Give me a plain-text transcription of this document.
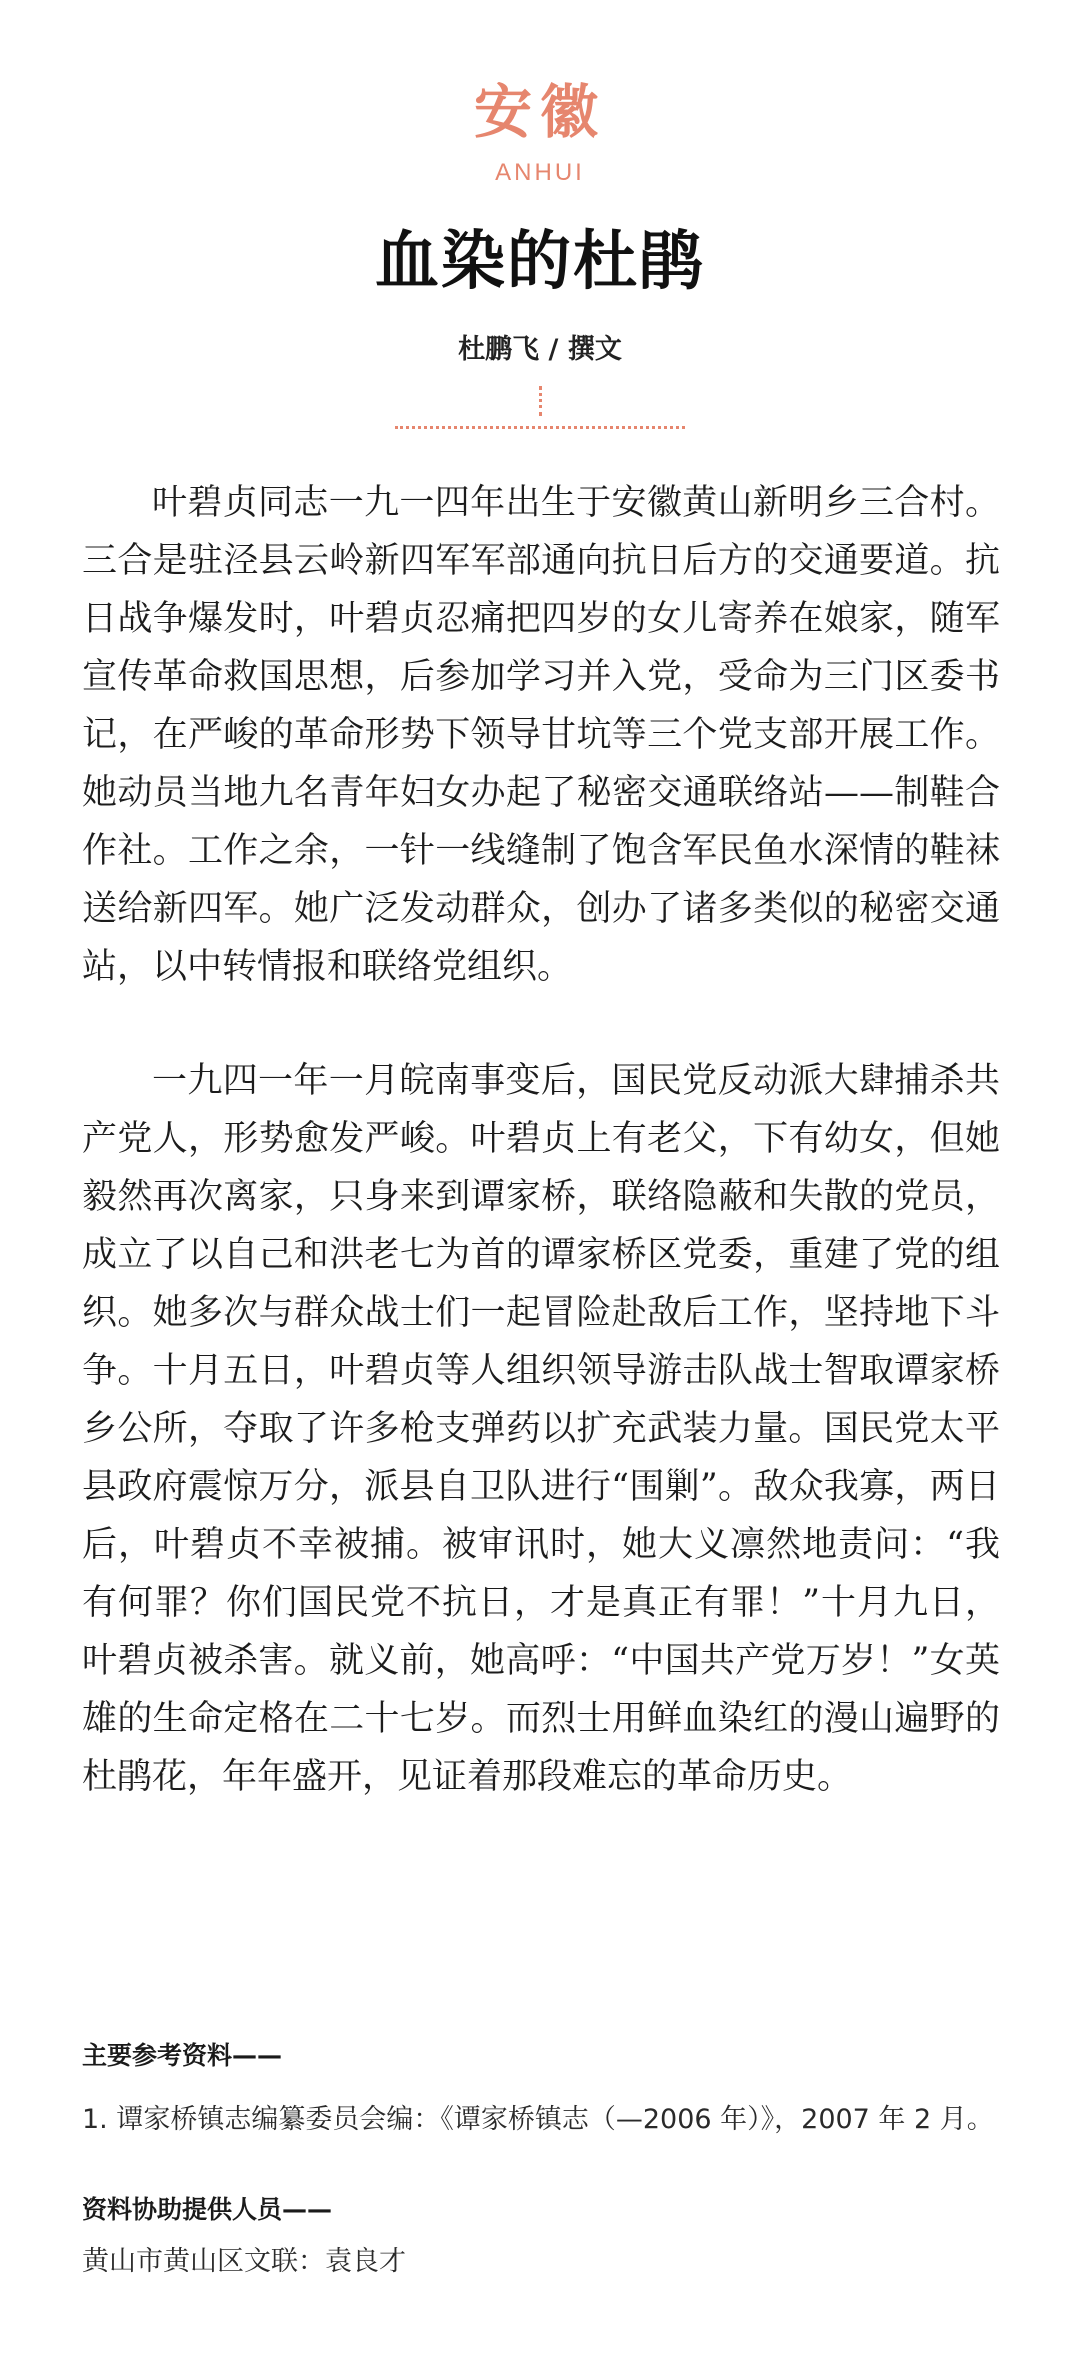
安徽
ANHUI
血染的杜鹃
杜鹏飞 / 撰文

叶碧贞同志一九一四年出生于安徽黄山新明乡三合村。三合是驻泾县云岭新四军军部通向抗日后方的交通要道。抗日战争爆发时，叶碧贞忍痛把四岁的女儿寄养在娘家，随军宣传革命救国思想，后参加学习并入党，受命为三门区委书记，在严峻的革命形势下领导甘坑等三个党支部开展工作。她动员当地九名青年妇女办起了秘密交通联络站——制鞋合作社。工作之余，一针一线缝制了饱含军民鱼水深情的鞋袜送给新四军。她广泛发动群众，创办了诸多类似的秘密交通站，以中转情报和联络党组织。

一九四一年一月皖南事变后，国民党反动派大肆捕杀共产党人，形势愈发严峻。叶碧贞上有老父，下有幼女，但她毅然再次离家，只身来到谭家桥，联络隐蔽和失散的党员，成立了以自己和洪老七为首的谭家桥区党委，重建了党的组织。她多次与群众战士们一起冒险赴敌后工作，坚持地下斗争。十月五日，叶碧贞等人组织领导游击队战士智取谭家桥乡公所，夺取了许多枪支弹药以扩充武装力量。国民党太平县政府震惊万分，派县自卫队进行“围剿”。敌众我寡，两日后，叶碧贞不幸被捕。被审讯时，她大义凛然地责问：“我有何罪？你们国民党不抗日，才是真正有罪！”十月九日，叶碧贞被杀害。就义前，她高呼：“中国共产党万岁！”女英雄的生命定格在二十七岁。而烈士用鲜血染红的漫山遍野的杜鹃花，年年盛开，见证着那段难忘的革命历史。

主要参考资料——
1. 谭家桥镇志编纂委员会编：《谭家桥镇志（—2006 年）》，2007 年 2 月。
资料协助提供人员——
黄山市黄山区文联：袁良才
